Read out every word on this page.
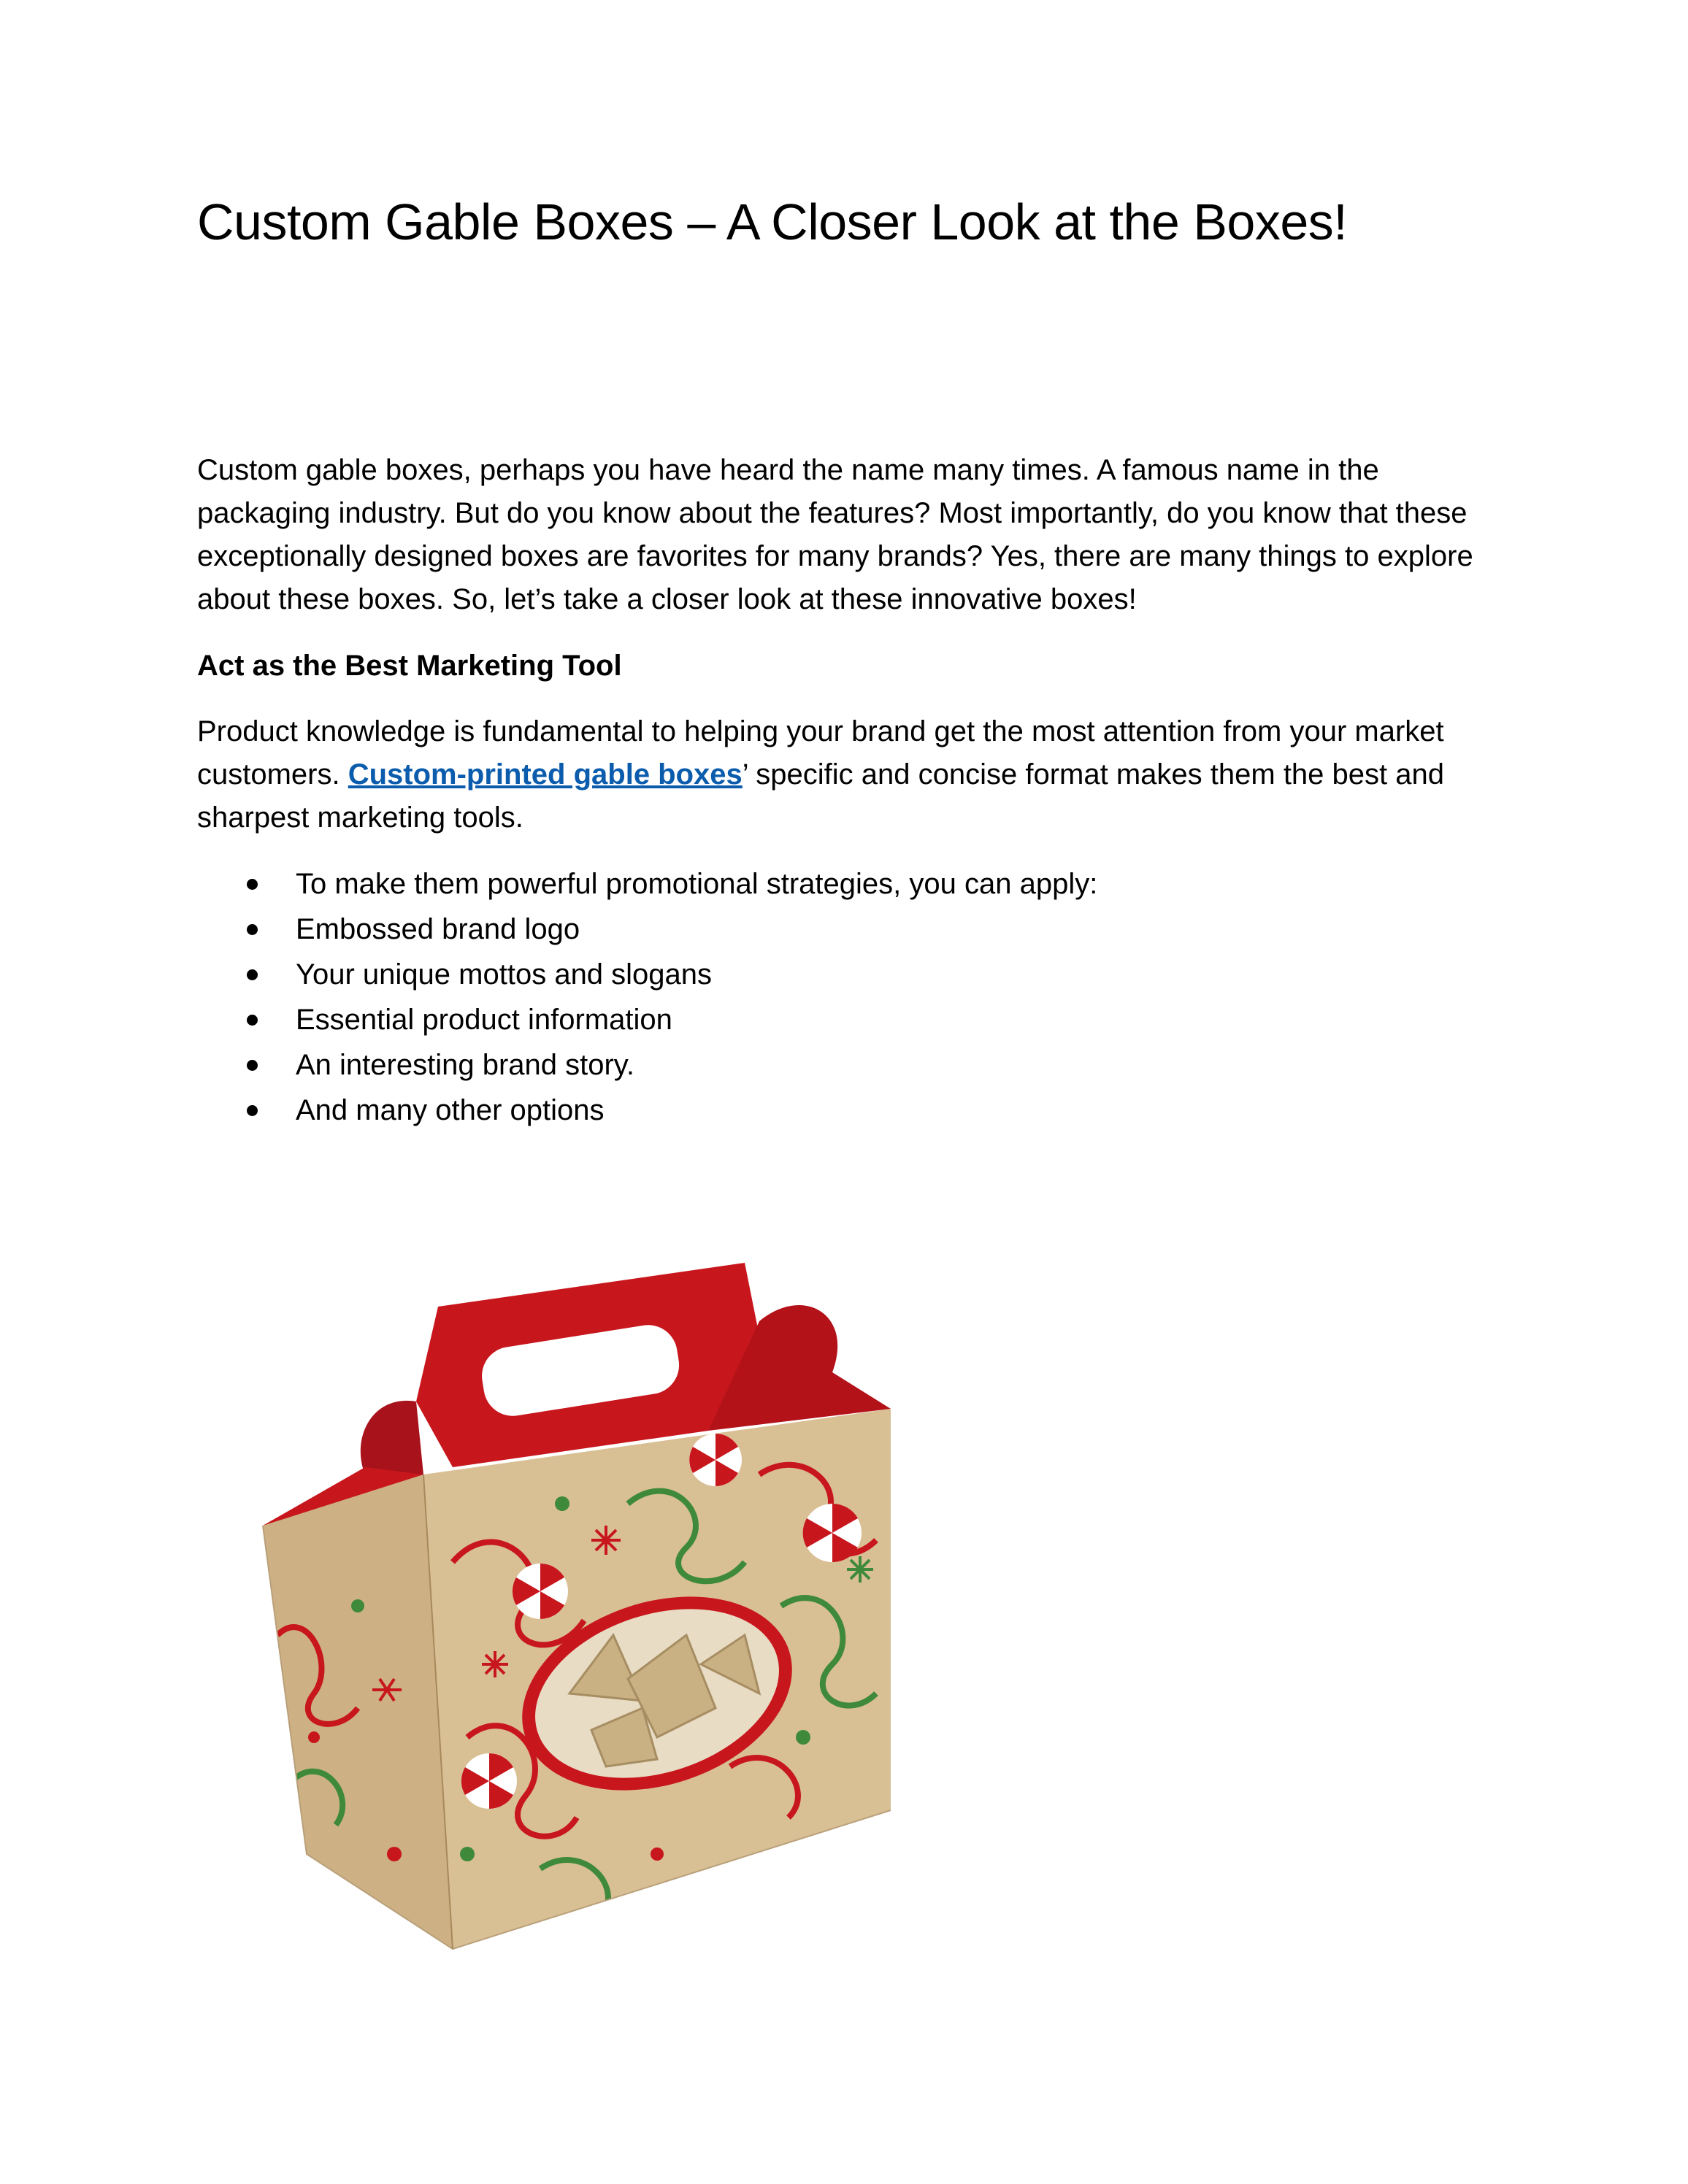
Custom Gable Boxes – A Closer Look at the Boxes!

Custom gable boxes, perhaps you have heard the name many times. A famous name in the packaging industry. But do you know about the features? Most importantly, do you know that these exceptionally designed boxes are favorites for many brands? Yes, there are many things to explore about these boxes. So, let’s take a closer look at these innovative boxes!

Act as the Best Marketing Tool

Product knowledge is fundamental to helping your brand get the most attention from your market customers. Custom-printed gable boxes’ specific and concise format makes them the best and sharpest marketing tools.

To make them powerful promotional strategies, you can apply:
Embossed brand logo
Your unique mottos and slogans
Essential product information
An interesting brand story.
And many other options
